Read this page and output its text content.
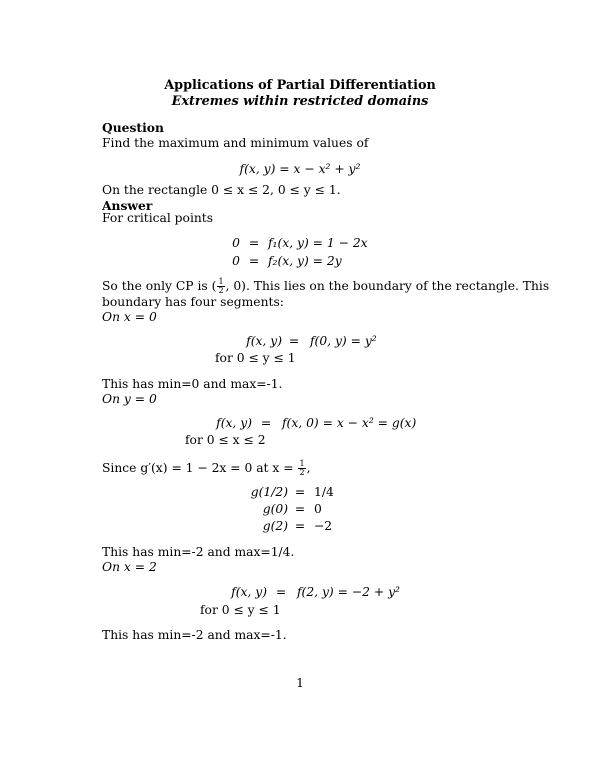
Applications of Partial Differentiation
Extremes within restricted domains
Question
Find the maximum and minimum values of
f(x, y) = x − x² + y²
On the rectangle 0 ≤ x ≤ 2, 0 ≤ y ≤ 1.
Answer
For critical points
0 = f₁(x, y) = 1 − 2x
0 = f₂(x, y) = 2y
So the only CP is ( $\frac{1}{2}$ , 0). This lies on the boundary of the rectangle. This
boundary has four segments:
On x = 0
f(x, y) = f(0, y) = y²
for 0 ≤ y ≤ 1
This has min=0 and max=-1.
On y = 0
f(x, y) = f(x, 0) = x − x² = g(x)
for 0 ≤ x ≤ 2
Since g′(x) = 1 − 2x = 0 at $x = \frac{1}{2}$ ,
g(1/2) = 1/4
g(0) = 0
g(2) = −2
This has min=-2 and max=1/4.
On x = 2
f(x, y) = f(2, y) = −2 + y²
for 0 ≤ y ≤ 1
This has min=-2 and max=-1.
1
